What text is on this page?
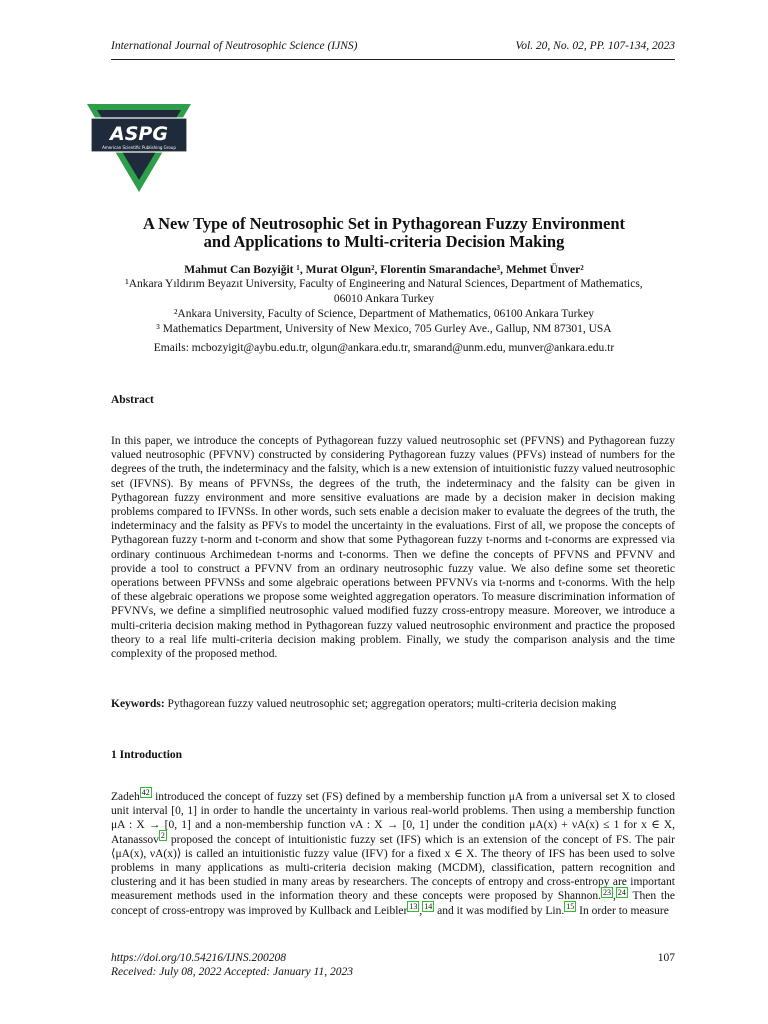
International Journal of Neutrosophic Science (IJNS)	Vol. 20, No. 02, PP. 107-134, 2023
ASPG
American Scientific Publishing Group
A New Type of Neutrosophic Set in Pythagorean Fuzzy Environment
and Applications to Multi-criteria Decision Making
Mahmut Can Bozyiğit ¹, Murat Olgun², Florentin Smarandache³, Mehmet Ünver²
¹Ankara Yıldırım Beyazıt University, Faculty of Engineering and Natural Sciences, Department of Mathematics, 06010 Ankara Turkey
²Ankara University, Faculty of Science, Department of Mathematics, 06100 Ankara Turkey
³ Mathematics Department, University of New Mexico, 705 Gurley Ave., Gallup, NM 87301, USA
Emails: mcbozyigit@aybu.edu.tr, olgun@ankara.edu.tr, smarand@unm.edu, munver@ankara.edu.tr
Abstract
In this paper, we introduce the concepts of Pythagorean fuzzy valued neutrosophic set (PFVNS) and Pythagorean fuzzy valued neutrosophic (PFVNV) constructed by considering Pythagorean fuzzy values (PFVs) instead of numbers for the degrees of the truth, the indeterminacy and the falsity, which is a new extension of intuitionistic fuzzy valued neutrosophic set (IFVNS). By means of PFVNSs, the degrees of the truth, the indeterminacy and the falsity can be given in Pythagorean fuzzy environment and more sensitive evaluations are made by a decision maker in decision making problems compared to IFVNSs. In other words, such sets enable a decision maker to evaluate the degrees of the truth, the indeterminacy and the falsity as PFVs to model the uncertainty in the evaluations. First of all, we propose the concepts of Pythagorean fuzzy t-norm and t-conorm and show that some Pythagorean fuzzy t-norms and t-conorms are expressed via ordinary continuous Archimedean t-norms and t-conorms. Then we define the concepts of PFVNS and PFVNV and provide a tool to construct a PFVNV from an ordinary neutrosophic fuzzy value. We also define some set theoretic operations between PFVNSs and some algebraic operations between PFVNVs via t-norms and t-conorms. With the help of these algebraic operations we propose some weighted aggregation operators. To measure discrimination information of PFVNVs, we define a simplified neutrosophic valued modified fuzzy cross-entropy measure. Moreover, we introduce a multi-criteria decision making method in Pythagorean fuzzy valued neutrosophic environment and practice the proposed theory to a real life multi-criteria decision making problem. Finally, we study the comparison analysis and the time complexity of the proposed method.
Keywords: Pythagorean fuzzy valued neutrosophic set; aggregation operators; multi-criteria decision making
1 Introduction
Zadeh $^{42}$ introduced the concept of fuzzy set (FS) defined by a membership function μA from a universal set X to closed unit interval [0, 1] in order to handle the uncertainty in various real-world problems. Then using a membership function μA : X → [0, 1] and a non-membership function νA : X → [0, 1] under the condition μA(x) + νA(x) ≤ 1 for x ∈ X, Atanassov $^2$ proposed the concept of intuitionistic fuzzy set (IFS) which is an extension of the concept of FS. The pair ⟨μA(x), νA(x)⟩ is called an intuitionistic fuzzy value (IFV) for a fixed x ∈ X. The theory of IFS has been used to solve problems in many applications as multi-criteria decision making (MCDM), classification, pattern recognition and clustering and it has been studied in many areas by researchers. The concepts of entropy and cross-entropy are important measurement methods used in the information theory and these concepts were proposed by Shannon. $^{23}$ , $^{24}$ Then the concept of cross-entropy was improved by Kullback and Leibler $^{13}$ , $^{14}$ and it was modified by Lin. $^{15}$ In order to measure
https://doi.org/10.54216/IJNS.200208
Received: July 08, 2022 Accepted: January 11, 2023
107
